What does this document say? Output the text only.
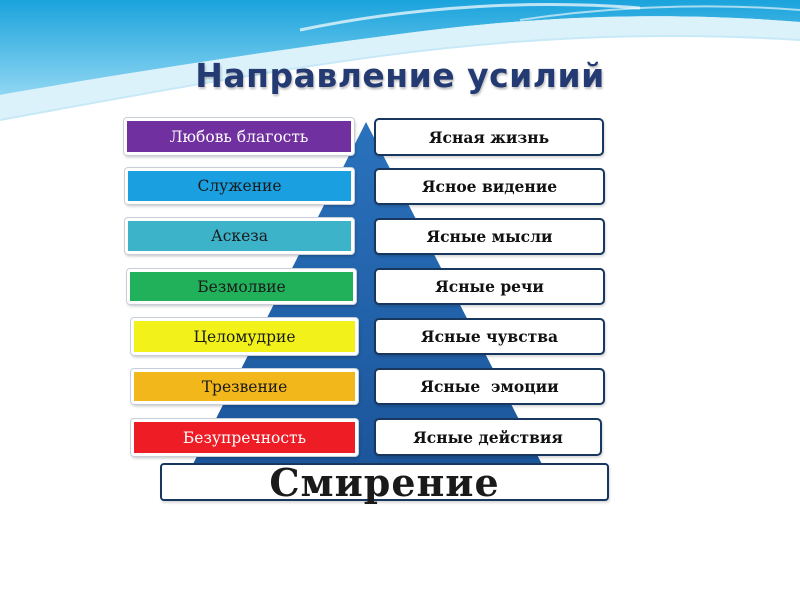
Направление усилий
Любовь благость
Служение
Аскеза
Безмолвие
Целомудрие
Трезвение
Безупречность
Ясная жизнь
Ясное видение
Ясные мысли
Ясные речи
Ясные чувства
Ясные  эмоции
Ясные действия
Смирение
